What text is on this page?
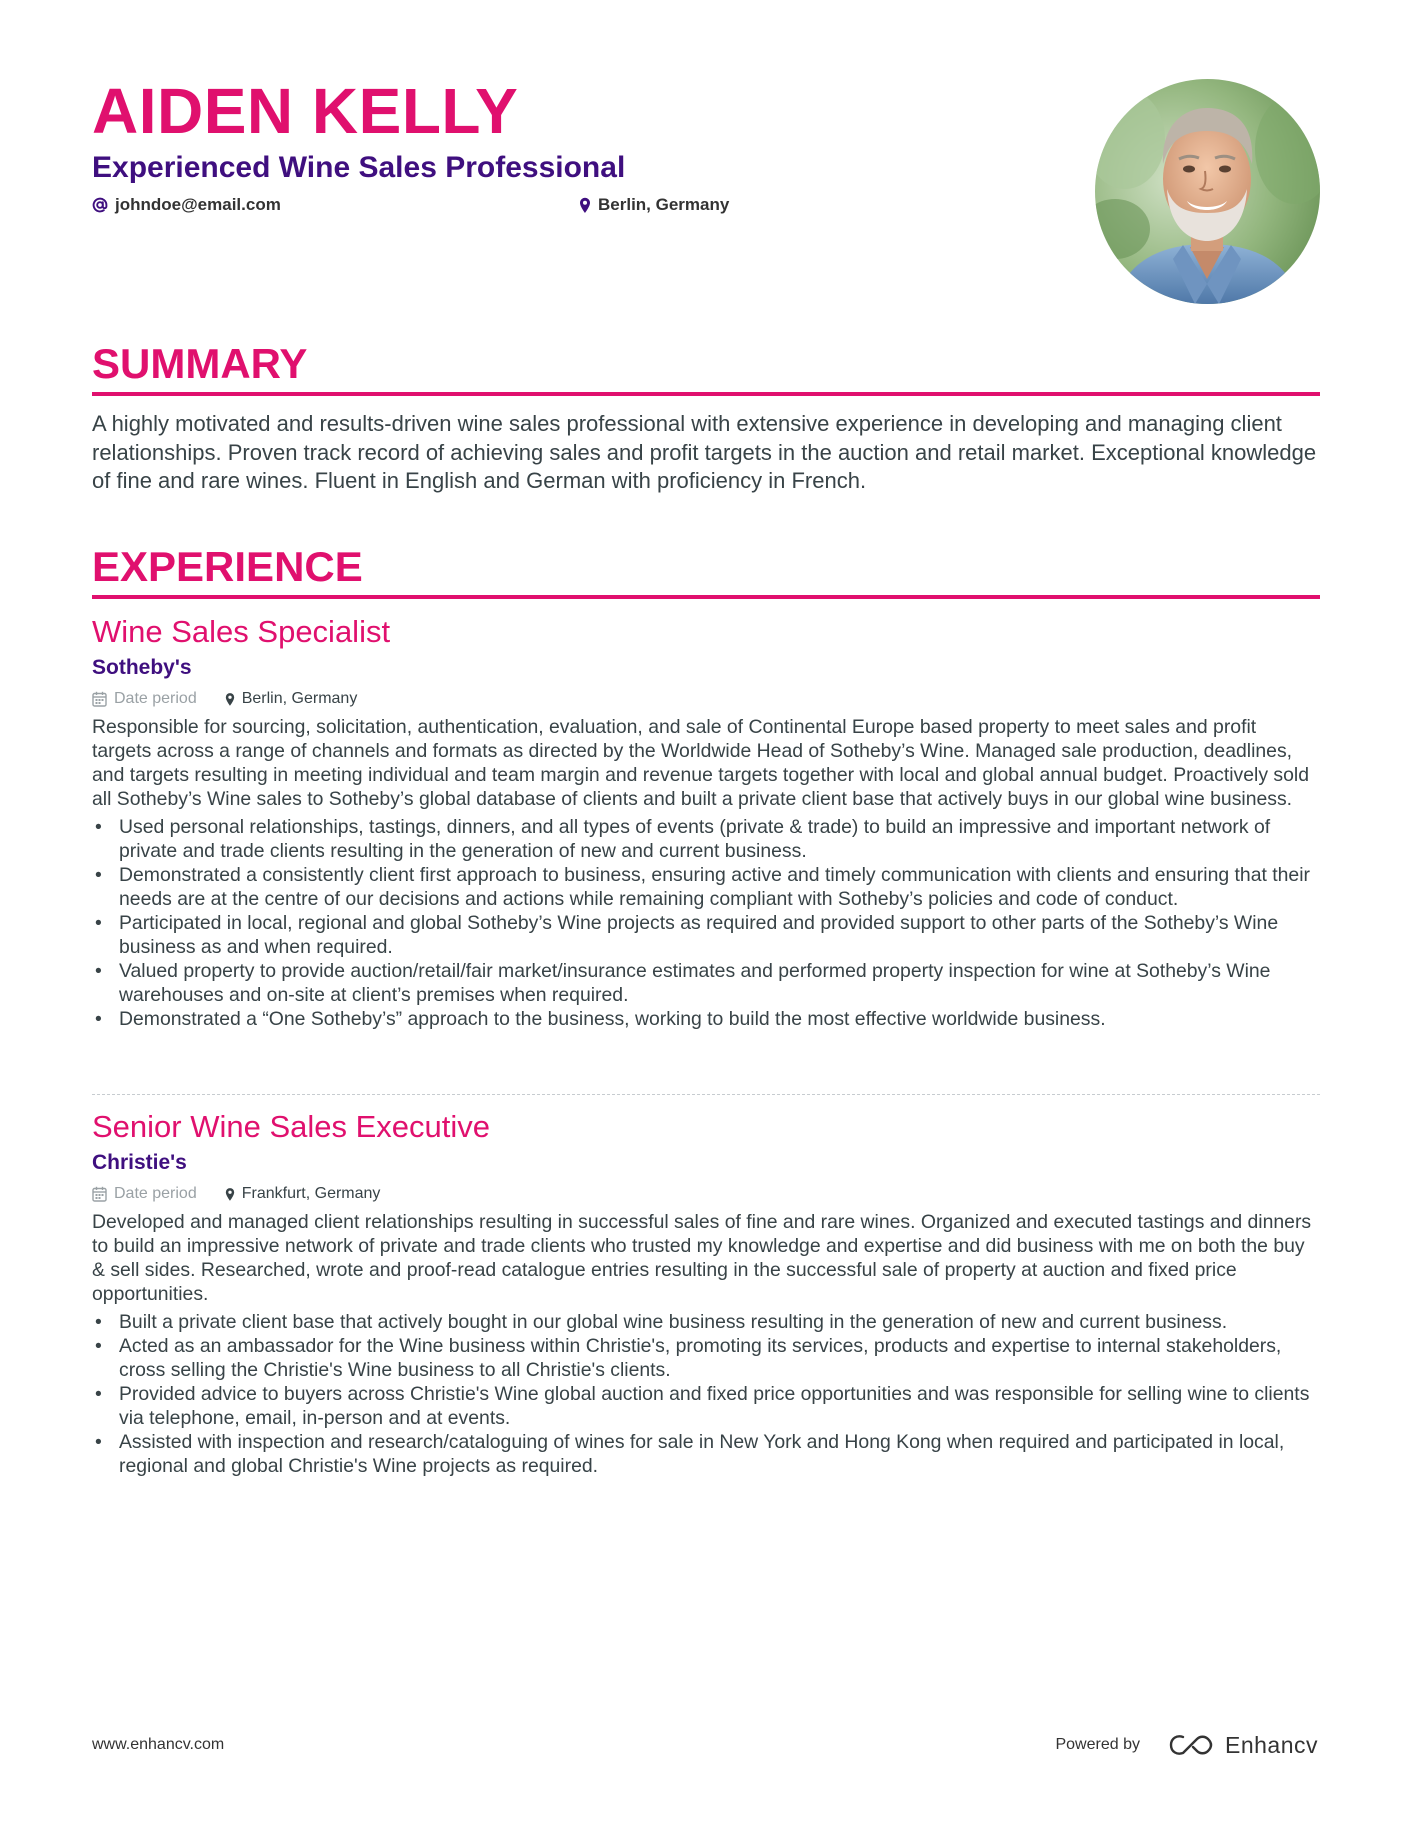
AIDEN KELLY
Experienced Wine Sales Professional
johndoe@email.com	Berlin, Germany
SUMMARY
A highly motivated and results-driven wine sales professional with extensive experience in developing and managing client relationships. Proven track record of achieving sales and profit targets in the auction and retail market. Exceptional knowledge of fine and rare wines. Fluent in English and German with proficiency in French.
EXPERIENCE
Wine Sales Specialist
Sotheby's
Date period	Berlin, Germany
Responsible for sourcing, solicitation, authentication, evaluation, and sale of Continental Europe based property to meet sales and profit targets across a range of channels and formats as directed by the Worldwide Head of Sotheby’s Wine. Managed sale production, deadlines, and targets resulting in meeting individual and team margin and revenue targets together with local and global annual budget. Proactively sold all Sotheby’s Wine sales to Sotheby’s global database of clients and built a private client base that actively buys in our global wine business.
• Used personal relationships, tastings, dinners, and all types of events (private & trade) to build an impressive and important network of private and trade clients resulting in the generation of new and current business.
• Demonstrated a consistently client first approach to business, ensuring active and timely communication with clients and ensuring that their needs are at the centre of our decisions and actions while remaining compliant with Sotheby’s policies and code of conduct.
• Participated in local, regional and global Sotheby’s Wine projects as required and provided support to other parts of the Sotheby’s Wine business as and when required.
• Valued property to provide auction/retail/fair market/insurance estimates and performed property inspection for wine at Sotheby’s Wine warehouses and on-site at client’s premises when required.
• Demonstrated a “One Sotheby’s” approach to the business, working to build the most effective worldwide business.
Senior Wine Sales Executive
Christie's
Date period	Frankfurt, Germany
Developed and managed client relationships resulting in successful sales of fine and rare wines. Organized and executed tastings and dinners to build an impressive network of private and trade clients who trusted my knowledge and expertise and did business with me on both the buy & sell sides. Researched, wrote and proof-read catalogue entries resulting in the successful sale of property at auction and fixed price opportunities.
• Built a private client base that actively bought in our global wine business resulting in the generation of new and current business.
• Acted as an ambassador for the Wine business within Christie's, promoting its services, products and expertise to internal stakeholders, cross selling the Christie's Wine business to all Christie's clients.
• Provided advice to buyers across Christie's Wine global auction and fixed price opportunities and was responsible for selling wine to clients via telephone, email, in-person and at events.
• Assisted with inspection and research/cataloguing of wines for sale in New York and Hong Kong when required and participated in local, regional and global Christie's Wine projects as required.
www.enhancv.com	Powered by	Enhancv
